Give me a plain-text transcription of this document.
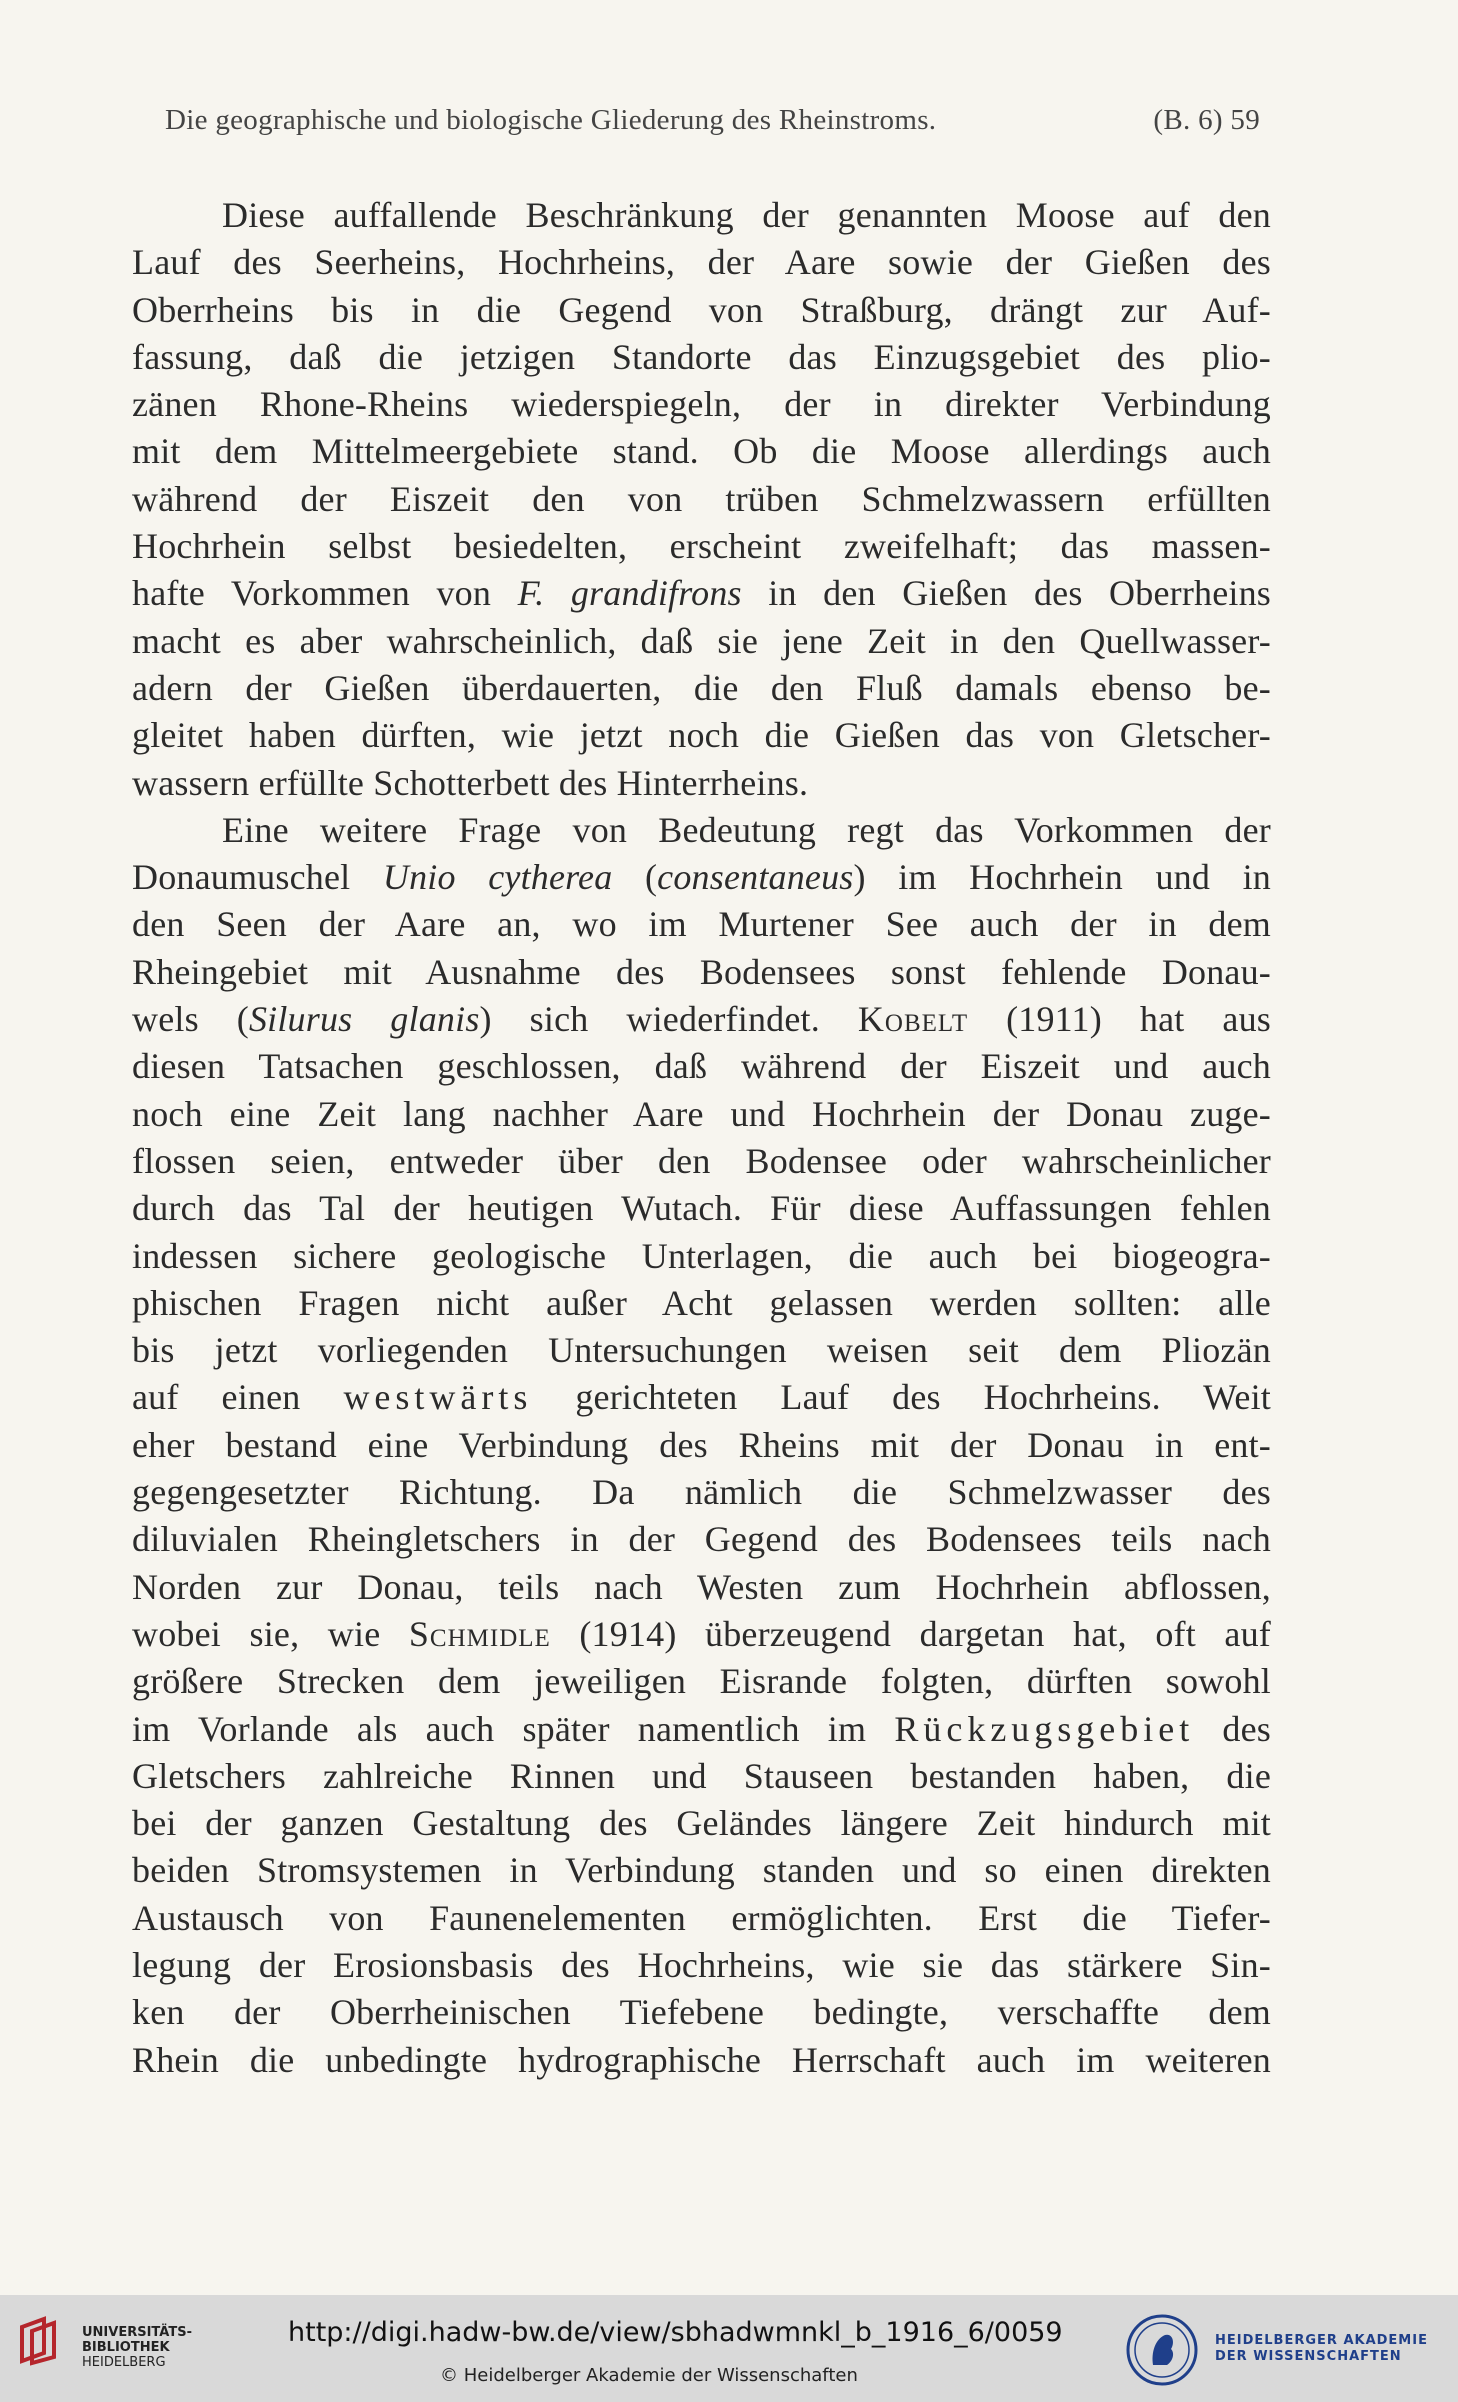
Die geographische und biologische Gliederung des Rheinstroms.	(B. 6) 59
Diese auffallende Beschränkung der genannten Moose auf den
Lauf des Seerheins, Hochrheins, der Aare sowie der Gießen des
Oberrheins bis in die Gegend von Straßburg, drängt zur Auf-
fassung, daß die jetzigen Standorte das Einzugsgebiet des plio-
zänen Rhone-Rheins wiederspiegeln, der in direkter Verbindung
mit dem Mittelmeergebiete stand. Ob die Moose allerdings auch
während der Eiszeit den von trüben Schmelzwassern erfüllten
Hochrhein selbst besiedelten, erscheint zweifelhaft; das massen-
hafte Vorkommen von F. grandifrons in den Gießen des Oberrheins
macht es aber wahrscheinlich, daß sie jene Zeit in den Quellwasser-
adern der Gießen überdauerten, die den Fluß damals ebenso be-
gleitet haben dürften, wie jetzt noch die Gießen das von Gletscher-
wassern erfüllte Schotterbett des Hinterrheins.
Eine weitere Frage von Bedeutung regt das Vorkommen der
Donaumuschel Unio cytherea (consentaneus) im Hochrhein und in
den Seen der Aare an, wo im Murtener See auch der in dem
Rheingebiet mit Ausnahme des Bodensees sonst fehlende Donau-
wels (Silurus glanis) sich wiederfindet. Kobelt (1911) hat aus
diesen Tatsachen geschlossen, daß während der Eiszeit und auch
noch eine Zeit lang nachher Aare und Hochrhein der Donau zuge-
flossen seien, entweder über den Bodensee oder wahrscheinlicher
durch das Tal der heutigen Wutach. Für diese Auffassungen fehlen
indessen sichere geologische Unterlagen, die auch bei biogeogra-
phischen Fragen nicht außer Acht gelassen werden sollten: alle
bis jetzt vorliegenden Untersuchungen weisen seit dem Pliozän
auf einen westwärts gerichteten Lauf des Hochrheins. Weit
eher bestand eine Verbindung des Rheins mit der Donau in ent-
gegengesetzter Richtung. Da nämlich die Schmelzwasser des
diluvialen Rheingletschers in der Gegend des Bodensees teils nach
Norden zur Donau, teils nach Westen zum Hochrhein abflossen,
wobei sie, wie Schmidle (1914) überzeugend dargetan hat, oft auf
größere Strecken dem jeweiligen Eisrande folgten, dürften sowohl
im Vorlande als auch später namentlich im Rückzugsgebiet des
Gletschers zahlreiche Rinnen und Stauseen bestanden haben, die
bei der ganzen Gestaltung des Geländes längere Zeit hindurch mit
beiden Stromsystemen in Verbindung standen und so einen direkten
Austausch von Faunenelementen ermöglichten. Erst die Tiefer-
legung der Erosionsbasis des Hochrheins, wie sie das stärkere Sin-
ken der Oberrheinischen Tiefebene bedingte, verschaffte dem
Rhein die unbedingte hydrographische Herrschaft auch im weiteren
UNIVERSITÄTS-
BIBLIOTHEK
HEIDELBERG
http://digi.hadw-bw.de/view/sbhadwmnkl_b_1916_6/0059
© Heidelberger Akademie der Wissenschaften
HEIDELBERGER AKADEMIE
DER WISSENSCHAFTEN
